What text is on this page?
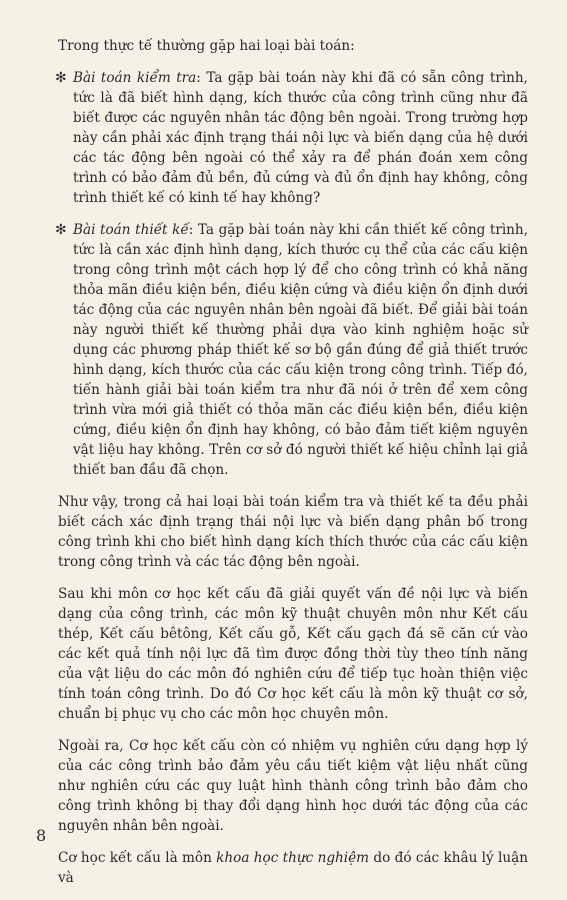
Trong thực tế thường gặp hai loại bài toán:

✻ Bài toán kiểm tra: Ta gặp bài toán này khi đã có sẵn công trình, tức là đã biết hình dạng, kích thước của công trình cũng như đã biết được các nguyên nhân tác động bên ngoài. Trong trường hợp này cần phải xác định trạng thái nội lực và biến dạng của hệ dưới các tác động bên ngoài có thể xảy ra để phán đoán xem công trình có bảo đảm đủ bền, đủ cứng và đủ ổn định hay không, công trình thiết kế có kinh tế hay không?
✻ Bài toán thiết kế: Ta gặp bài toán này khi cần thiết kế công trình, tức là cần xác định hình dạng, kích thước cụ thể của các cấu kiện trong công trình một cách hợp lý để cho công trình có khả năng thỏa mãn điều kiện bền, điều kiện cứng và điều kiện ổn định dưới tác động của các nguyên nhân bên ngoài đã biết. Để giải bài toán này người thiết kế thường phải dựa vào kinh nghiệm hoặc sử dụng các phương pháp thiết kế sơ bộ gần đúng để giả thiết trước hình dạng, kích thước của các cấu kiện trong công trình. Tiếp đó, tiến hành giải bài toán kiểm tra như đã nói ở trên để xem công trình vừa mới giả thiết có thỏa mãn các điều kiện bền, điều kiện cứng, điều kiện ổn định hay không, có bảo đảm tiết kiệm nguyên vật liệu hay không. Trên cơ sở đó người thiết kế hiệu chỉnh lại giả thiết ban đầu đã chọn.

Như vậy, trong cả hai loại bài toán kiểm tra và thiết kế ta đều phải biết cách xác định trạng thái nội lực và biến dạng phân bố trong công trình khi cho biết hình dạng kích thích thước của các cấu kiện trong công trình và các tác động bên ngoài.

Sau khi môn cơ học kết cấu đã giải quyết vấn đề nội lực và biến dạng của công trình, các môn kỹ thuật chuyên môn như Kết cấu thép, Kết cấu bêtông, Kết cấu gỗ, Kết cấu gạch đá sẽ căn cứ vào các kết quả tính nội lực đã tìm được đồng thời tùy theo tính năng của vật liệu do các môn đó nghiên cứu để tiếp tục hoàn thiện việc tính toán công trình. Do đó Cơ học kết cấu là môn kỹ thuật cơ sở, chuẩn bị phục vụ cho các môn học chuyên môn.

Ngoài ra, Cơ học kết cấu còn có nhiệm vụ nghiên cứu dạng hợp lý của các công trình bảo đảm yêu cầu tiết kiệm vật liệu nhất cũng như nghiên cứu các quy luật hình thành công trình bảo đảm cho công trình không bị thay đổi dạng hình học dưới tác động của các nguyên nhân bên ngoài.

Cơ học kết cấu là môn khoa học thực nghiệm do đó các khâu lý luận và

8
